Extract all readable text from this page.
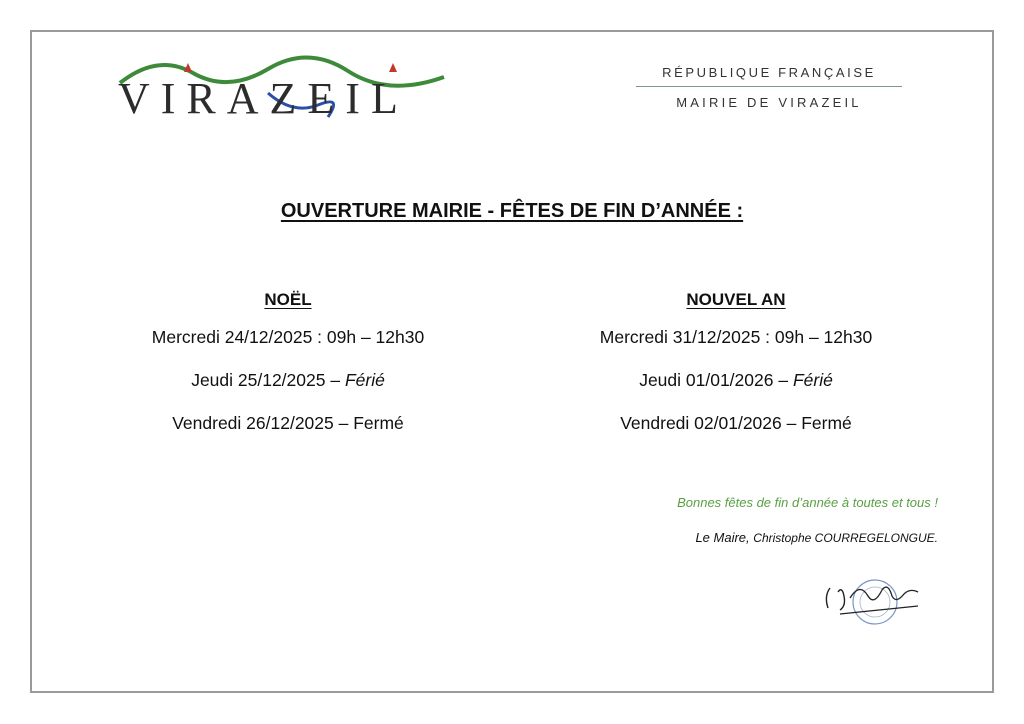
VIRAZEIL
RÉPUBLIQUE FRANÇAISE
MAIRIE DE VIRAZEIL
OUVERTURE MAIRIE - FÊTES DE FIN D’ANNÉE :
NOËL
Mercredi 24/12/2025 : 09h – 12h30
Jeudi 25/12/2025 – Férié
Vendredi 26/12/2025 – Fermé
NOUVEL AN
Mercredi 31/12/2025 : 09h – 12h30
Jeudi 01/01/2026 – Férié
Vendredi 02/01/2026 – Fermé
Bonnes fêtes de fin d’année à toutes et tous !
Le Maire, Christophe COURREGELONGUE.
